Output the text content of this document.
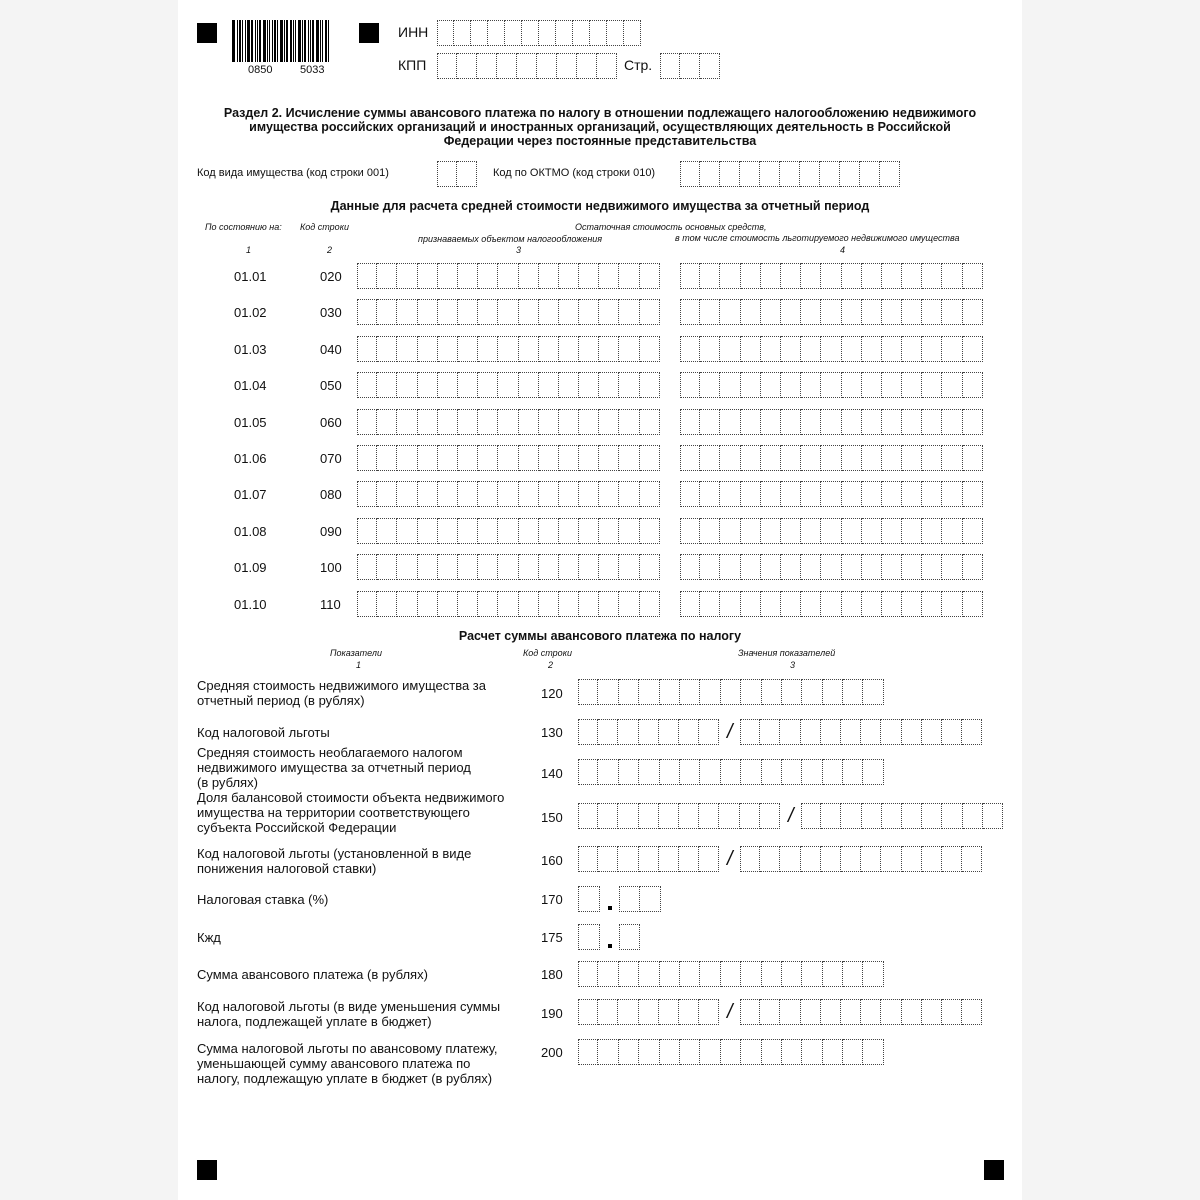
0850	5033
ИНН
КПП	Стр.
Раздел 2. Исчисление суммы авансового платежа по налогу в отношении подлежащего налогообложению недвижимого
имущества российских организаций и иностранных организаций, осуществляющих деятельность в Российской
Федерации через постоянные представительства
Код вида имущества (код строки 001)	Код по ОКТМО (код строки 010)
Данные для расчета средней стоимости недвижимого имущества за отчетный период
По состоянию на: Код строки	Остаточная стоимость основных средств,
признаваемых объектом налогообложения	в том числе стоимость льготируемого недвижимого имущества
1	2	3	4
01.01	020
01.02	030
01.03	040
01.04	050
01.05	060
01.06	070
01.07	080
01.08	090
01.09	100
01.10	110
Расчет суммы авансового платежа по налогу
Показатели	Код строки	Значения показателей
1	2	3
Средняя стоимость недвижимого имущества за
отчетный период (в рублях)	120
Код налоговой льготы	130	/
Средняя стоимость необлагаемого налогом
недвижимого имущества за отчетный период
(в рублях)
140
Доля балансовой стоимости объекта недвижимого
имущества на территории соответствующего
субъекта Российской Федерации
150	/
Код налоговой льготы (установленной в виде
понижения налоговой ставки)
160	/
Налоговая ставка (%)	170
Кжд	175
Сумма авансового платежа (в рублях)	180
Код налоговой льготы (в виде уменьшения суммы
налога, подлежащей уплате в бюджет)
190	/
Сумма налоговой льготы по авансовому платежу,
уменьшающей сумму авансового платежа по
налогу, подлежащую уплате в бюджет (в рублях)
200
